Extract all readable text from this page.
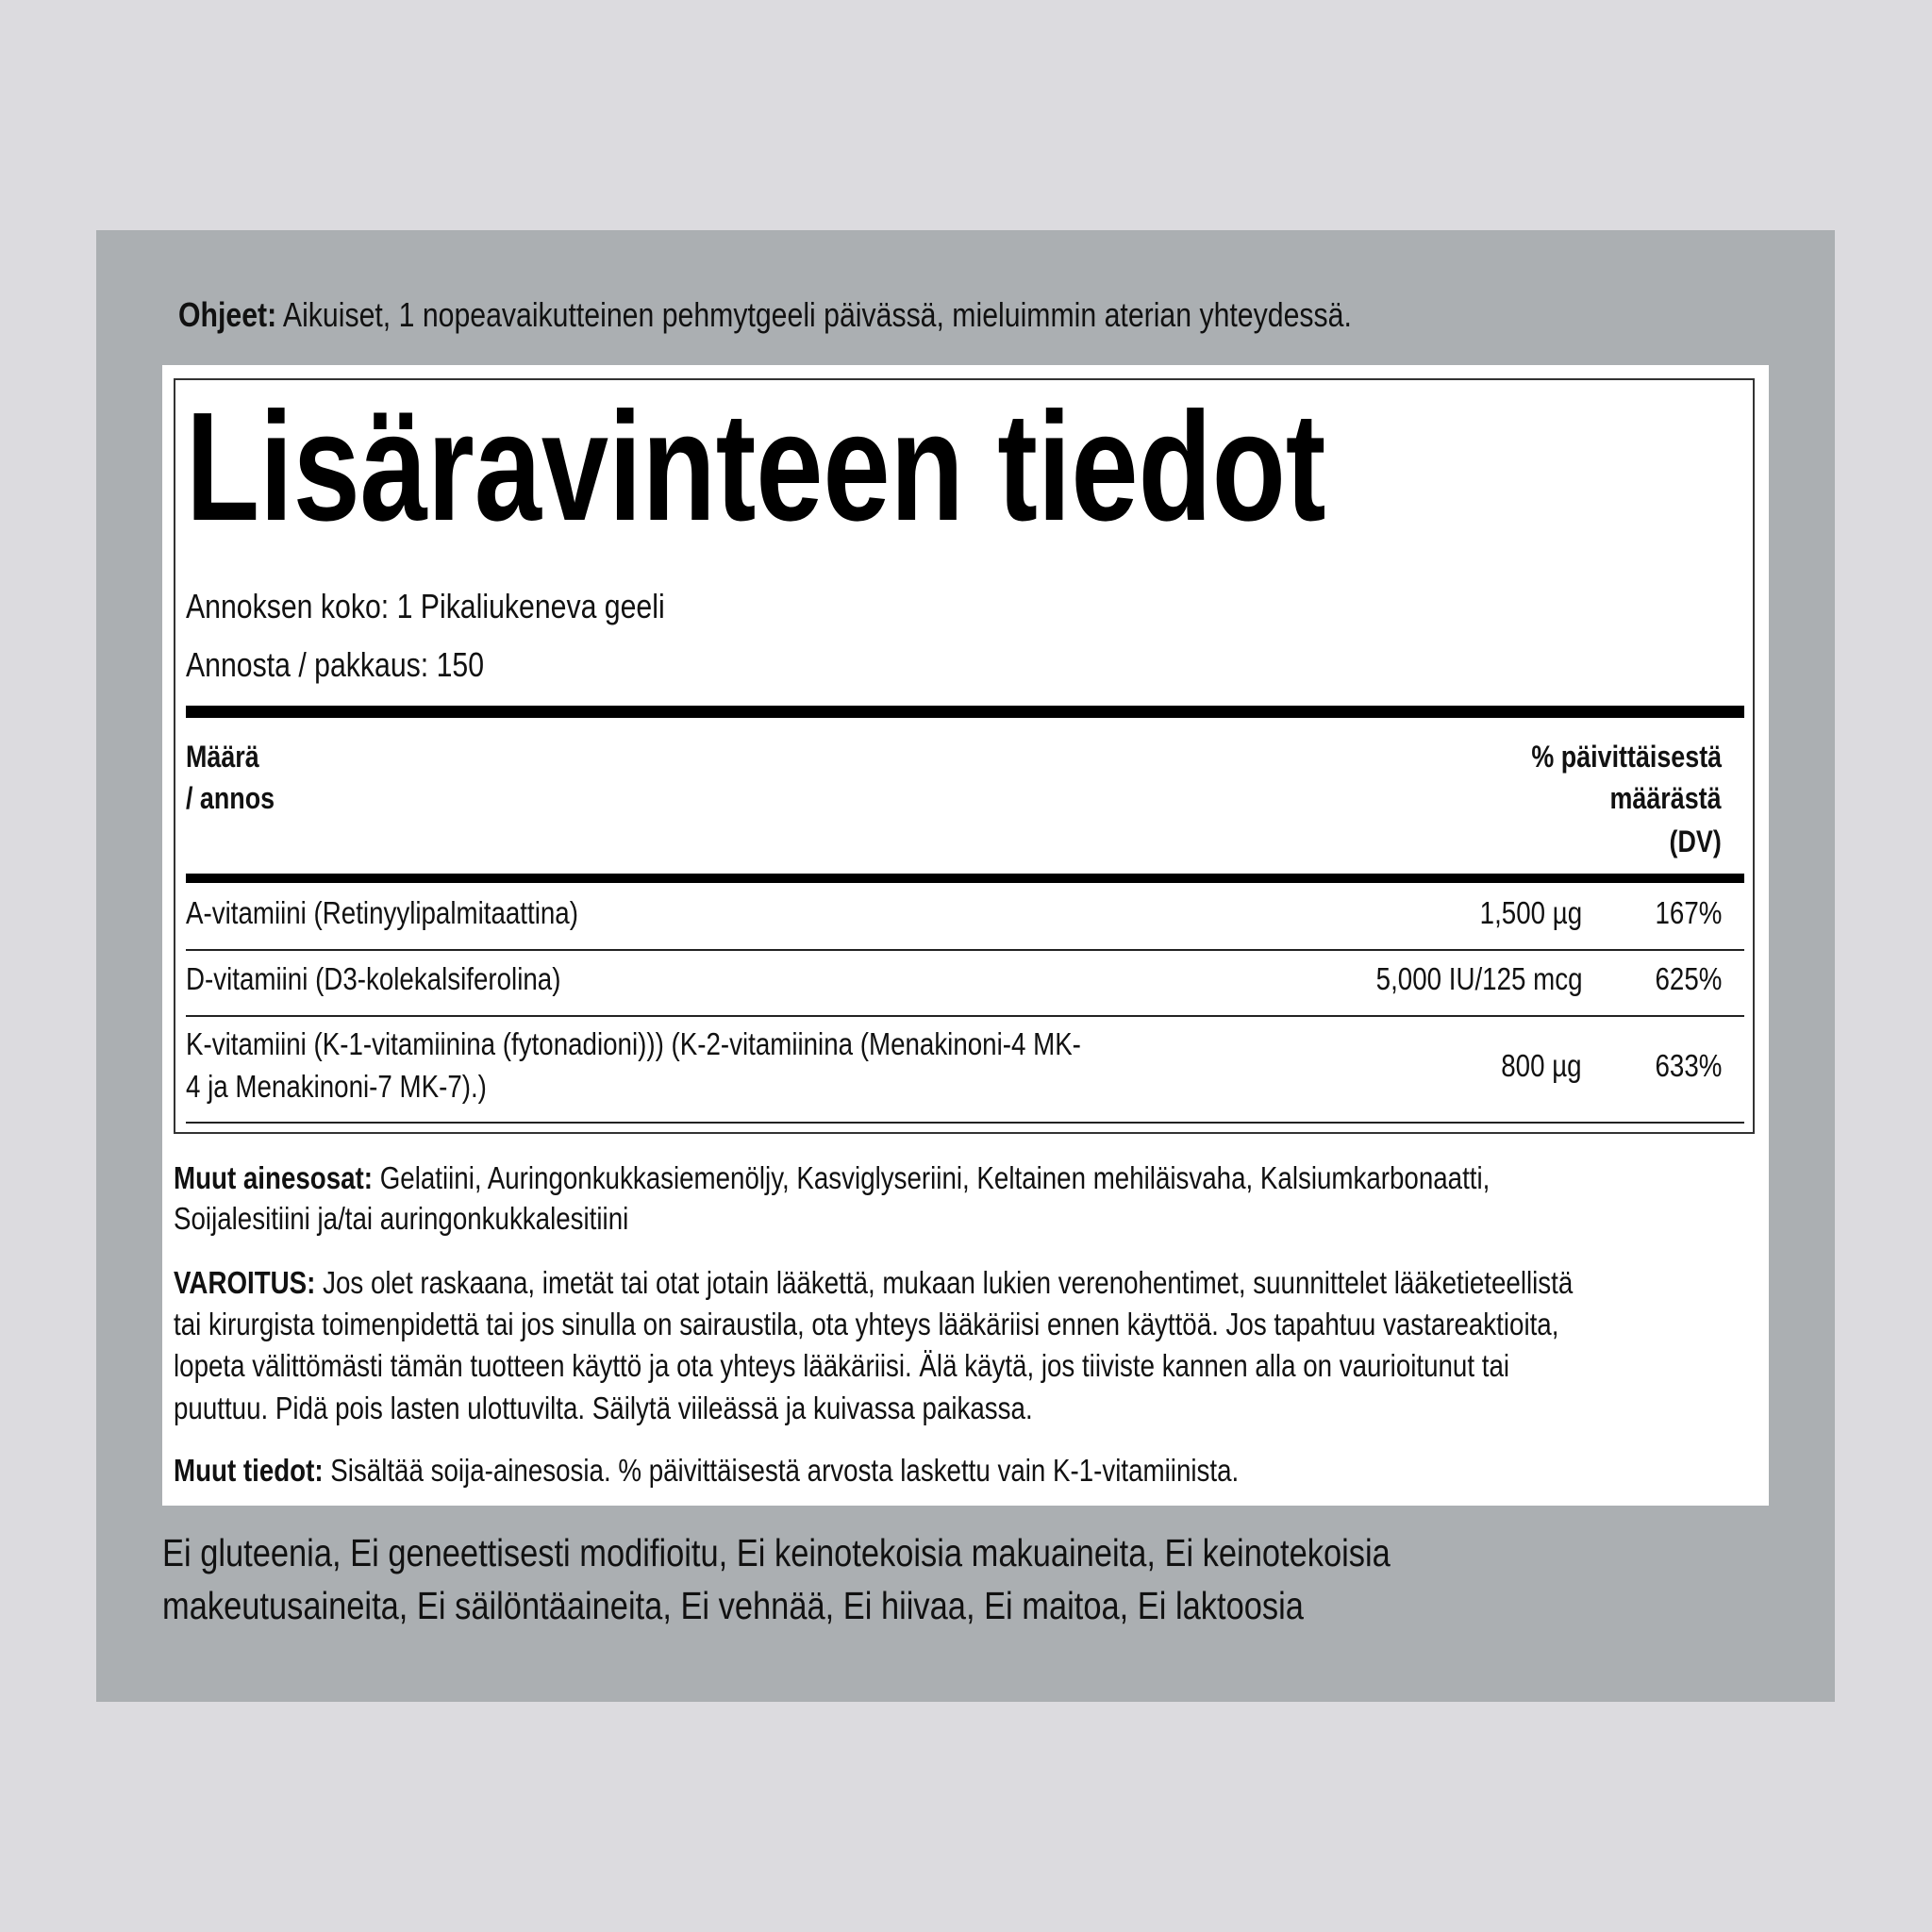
Ohjeet: Aikuiset, 1 nopeavaikutteinen pehmytgeeli päivässä, mieluimmin aterian yhteydessä.
Lisäravinteen tiedot
Annoksen koko: 1 Pikaliukeneva geeli
Annosta / pakkaus: 150
Määrä
/ annos
% päivittäisestä
määrästä
(DV)
A-vitamiini (Retinyylipalmitaattina)	1,500 µg 167%
D-vitamiini (D3-kolekalsiferolina)	5,000 IU/125 mcg 625%
K-vitamiini (K-1-vitamiinina (fytonadioni))) (K-2-vitamiinina (Menakinoni-4 MK-
4 ja Menakinoni-7 MK-7).)
800 µg 633%
Muut ainesosat: Gelatiini, Auringonkukkasiemenöljy, Kasviglyseriini, Keltainen mehiläisvaha, Kalsiumkarbonaatti,
Soijalesitiini ja/tai auringonkukkalesitiini
VAROITUS: Jos olet raskaana, imetät tai otat jotain lääkettä, mukaan lukien verenohentimet, suunnittelet lääketieteellistä
tai kirurgista toimenpidettä tai jos sinulla on sairaustila, ota yhteys lääkäriisi ennen käyttöä. Jos tapahtuu vastareaktioita,
lopeta välittömästi tämän tuotteen käyttö ja ota yhteys lääkäriisi. Älä käytä, jos tiiviste kannen alla on vaurioitunut tai
puuttuu. Pidä pois lasten ulottuvilta. Säilytä viileässä ja kuivassa paikassa.
Muut tiedot: Sisältää soija-ainesosia. % päivittäisestä arvosta laskettu vain K-1-vitamiinista.
Ei gluteenia, Ei geneettisesti modifioitu, Ei keinotekoisia makuaineita, Ei keinotekoisia
makeutusaineita, Ei säilöntäaineita, Ei vehnää, Ei hiivaa, Ei maitoa, Ei laktoosia
